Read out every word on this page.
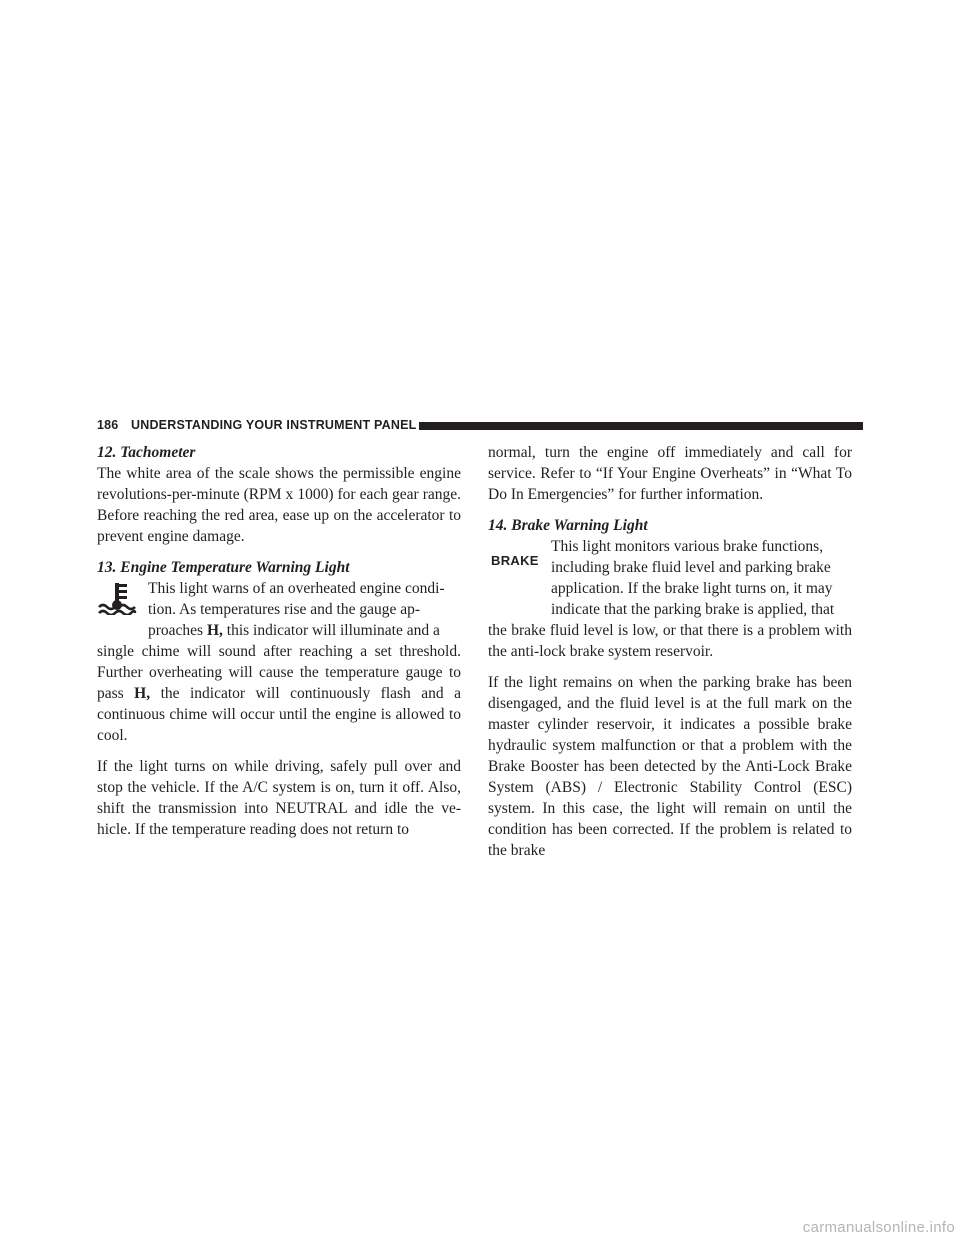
186 UNDERSTANDING YOUR INSTRUMENT PANEL

12. Tachometer

The white area of the scale shows the permissible engine revolutions-per-minute (RPM x 1000) for each gear range. Before reaching the red area, ease up on the accelerator to prevent engine damage.

13. Engine Temperature Warning Light

This light warns of an overheated engine condi-

tion. As temperatures rise and the gauge ap-

proaches H, this indicator will illuminate and a

single chime will sound after reaching a set threshold. Further overheating will cause the temperature gauge to pass H, the indicator will continuously flash and a continuous chime will occur until the engine is allowed to cool.

If the light turns on while driving, safely pull over and stop the vehicle. If the A/C system is on, turn it off. Also, shift the transmission into NEUTRAL and idle the ve-hicle. If the temperature reading does not return to

normal, turn the engine off immediately and call for service. Refer to “If Your Engine Overheats” in “What To Do In Emergencies” for further information.

14. Brake Warning Light

BRAKE

This light monitors various brake functions,

including brake fluid level and parking brake

application. If the brake light turns on, it may

indicate that the parking brake is applied, that

the brake fluid level is low, or that there is a problem with the anti-lock brake system reservoir.

If the light remains on when the parking brake has been disengaged, and the fluid level is at the full mark on the master cylinder reservoir, it indicates a possible brake hydraulic system malfunction or that a problem with the Brake Booster has been detected by the Anti-Lock Brake System (ABS) / Electronic Stability Control (ESC) system. In this case, the light will remain on until the condition has been corrected. If the problem is related to the brake

carmanualsonline.info
